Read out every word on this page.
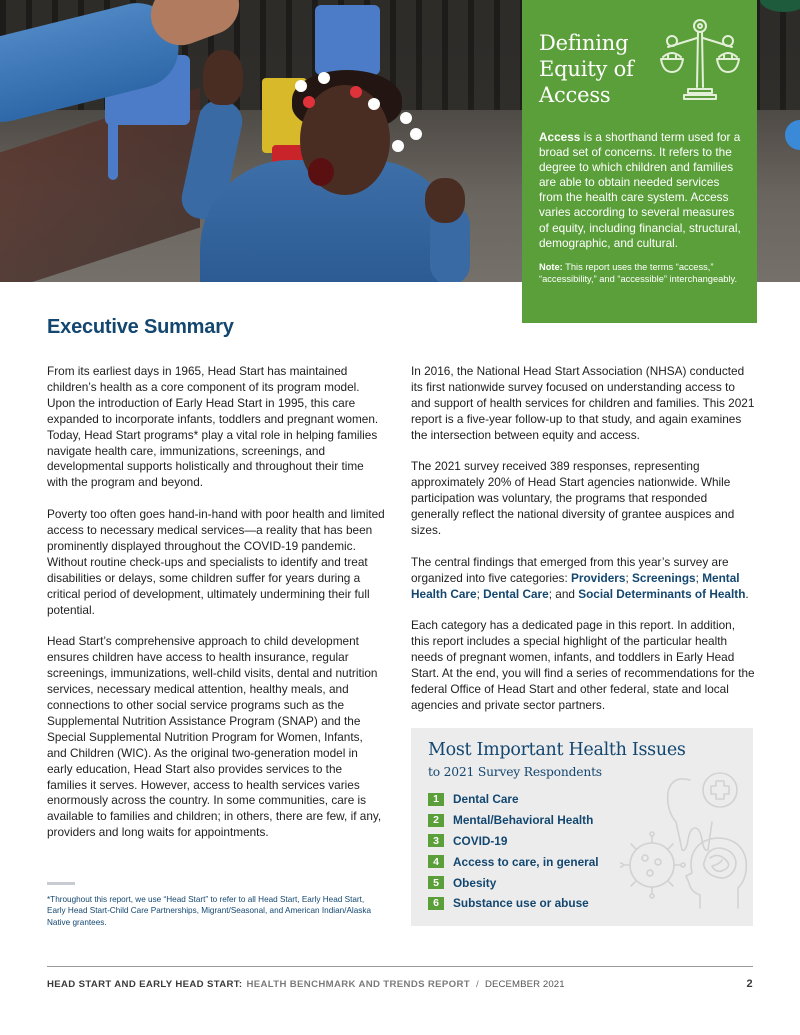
Defining Equity of Access
Access is a shorthand term used for a broad set of concerns. It refers to the degree to which children and families are able to obtain needed services from the health care system. Access varies according to several measures of equity, including financial, structural, demographic, and cultural.
Note: This report uses the terms “access,” “accessibility,” and “accessible” interchangeably.
Executive Summary

From its earliest days in 1965, Head Start has maintained children’s health as a core component of its program model. Upon the introduction of Early Head Start in 1995, this care expanded to incorporate infants, toddlers and pregnant women. Today, Head Start programs* play a vital role in helping families navigate health care, immunizations, screenings, and developmental supports holistically and throughout their time with the program and beyond.

Poverty too often goes hand-in-hand with poor health and limited access to necessary medical services—a reality that has been prominently displayed throughout the COVID-19 pandemic. Without routine check-ups and specialists to identify and treat disabilities or delays, some children suffer for years during a critical period of development, ultimately undermining their full potential.

Head Start’s comprehensive approach to child development ensures children have access to health insurance, regular screenings, immunizations, well-child visits, dental and nutrition services, necessary medical attention, healthy meals, and connections to other social service programs such as the Supplemental Nutrition Assistance Program (SNAP) and the Special Supplemental Nutrition Program for Women, Infants, and Children (WIC). As the original two-generation model in early education, Head Start also provides services to the families it serves. However, access to health services varies enormously across the country. In some communities, care is available to families and children; in others, there are few, if any, providers and long waits for appointments.

In 2016, the National Head Start Association (NHSA) conducted its first nationwide survey focused on understanding access to and support of health services for children and families. This 2021 report is a five-year follow-up to that study, and again examines the intersection between equity and access.

The 2021 survey received 389 responses, representing approximately 20% of Head Start agencies nationwide. While participation was voluntary, the programs that responded generally reflect the national diversity of grantee auspices and sizes.

The central findings that emerged from this year’s survey are organized into five categories: Providers; Screenings; Mental Health Care; Dental Care; and Social Determinants of Health.

Each category has a dedicated page in this report. In addition, this report includes a special highlight of the particular health needs of pregnant women, infants, and toddlers in Early Head Start. At the end, you will find a series of recommendations for the federal Office of Head Start and other federal, state and local agencies and private sector partners.

*Throughout this report, we use “Head Start” to refer to all Head Start, Early Head Start, Early Head Start-Child Care Partnerships, Migrant/Seasonal, and American Indian/Alaska Native grantees.
Most Important Health Issues
to 2021 Survey Respondents
1	Dental Care
2	Mental/Behavioral Health
3	COVID-19
4	Access to care, in general
5	Obesity
6	Substance use or abuse
HEAD START AND EARLY HEAD START: HEALTH BENCHMARK AND TRENDS REPORT / DECEMBER 2021	2
